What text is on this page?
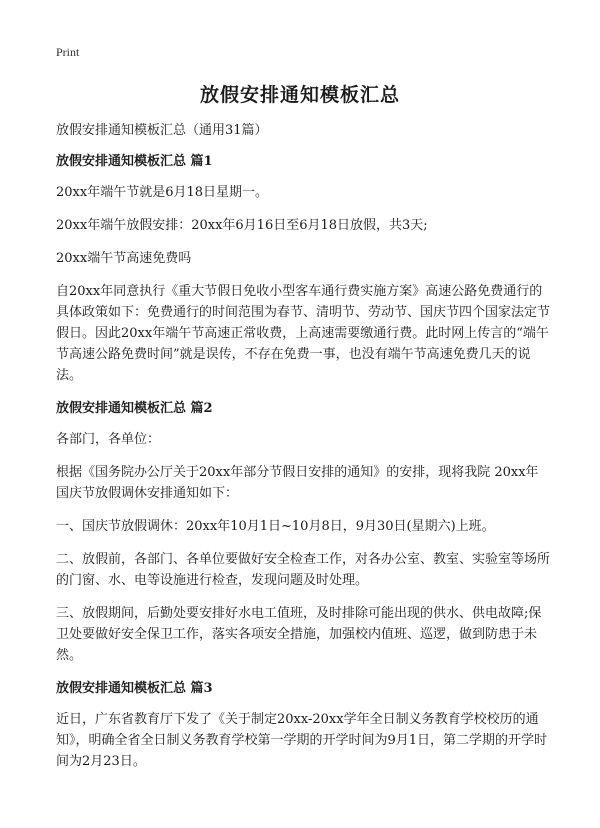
Print
放假安排通知模板汇总

放假安排通知模板汇总（通用31篇）

放假安排通知模板汇总 篇1

20xx年端午节就是6月18日星期一。

20xx年端午放假安排：20xx年6月16日至6月18日放假，共3天;

20xx端午节高速免费吗

自20xx年同意执行《重大节假日免收小型客车通行费实施方案》高速公路免费通行的具体政策如下：免费通行的时间范围为春节、清明节、劳动节、国庆节四个国家法定节假日。因此20xx年端午节高速正常收费，上高速需要缴通行费。此时网上传言的“端午节高速公路免费时间”就是误传，不存在免费一事，也没有端午节高速免费几天的说法。

放假安排通知模板汇总 篇2

各部门，各单位：

根据《国务院办公厅关于20xx年部分节假日安排的通知》的安排，现将我院 20xx年国庆节放假调休安排通知如下：

一、国庆节放假调休：20xx年10月1日~10月8日，9月30日(星期六)上班。

二、放假前，各部门、各单位要做好安全检查工作，对各办公室、教室、实验室等场所的门窗、水、电等设施进行检查，发现问题及时处理。

三、放假期间，后勤处要安排好水电工值班，及时排除可能出现的供水、供电故障;保卫处要做好安全保卫工作，落实各项安全措施，加强校内值班、巡逻，做到防患于未然。

放假安排通知模板汇总 篇3

近日，广东省教育厅下发了《关于制定20xx-20xx学年全日制义务教育学校校历的通知》，明确全省全日制义务教育学校第一学期的开学时间为9月1日，第二学期的开学时间为2月23日。
